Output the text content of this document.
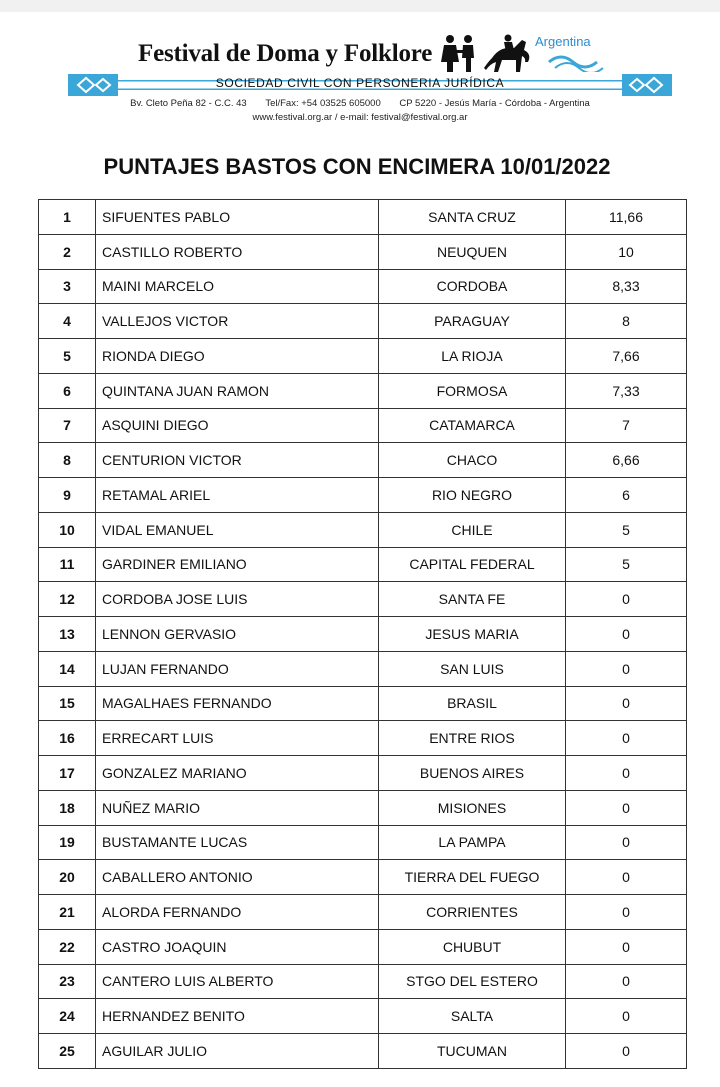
Festival de Doma y Folklore	Argentina
SOCIEDAD CIVIL CON PERSONERIA JURÍDICA
Bv. Cleto Peña 82 - C.C. 43 Tel/Fax: +54 03525 605000 CP 5220 - Jesús María - Córdoba - Argentina
www.festival.org.ar / e-mail: festival@festival.org.ar
PUNTAJES BASTOS CON ENCIMERA 10/01/2022
1	SIFUENTES PABLO	SANTA CRUZ	11,66
2	CASTILLO ROBERTO	NEUQUEN	10
3	MAINI MARCELO	CORDOBA	8,33
4	VALLEJOS VICTOR	PARAGUAY	8
5	RIONDA DIEGO	LA RIOJA	7,66
6	QUINTANA JUAN RAMON	FORMOSA	7,33
7	ASQUINI DIEGO	CATAMARCA	7
8	CENTURION VICTOR	CHACO	6,66
9	RETAMAL ARIEL	RIO NEGRO	6
10	VIDAL EMANUEL	CHILE	5
11	GARDINER EMILIANO	CAPITAL FEDERAL	5
12	CORDOBA JOSE LUIS	SANTA FE	0
13	LENNON GERVASIO	JESUS MARIA	0
14	LUJAN FERNANDO	SAN LUIS	0
15	MAGALHAES FERNANDO	BRASIL	0
16	ERRECART LUIS	ENTRE RIOS	0
17	GONZALEZ MARIANO	BUENOS AIRES	0
18	NUÑEZ MARIO	MISIONES	0
19	BUSTAMANTE LUCAS	LA PAMPA	0
20	CABALLERO ANTONIO	TIERRA DEL FUEGO	0
21	ALORDA FERNANDO	CORRIENTES	0
22	CASTRO JOAQUIN	CHUBUT	0
23	CANTERO LUIS ALBERTO	STGO DEL ESTERO	0
24	HERNANDEZ BENITO	SALTA	0
25	AGUILAR JULIO	TUCUMAN	0
